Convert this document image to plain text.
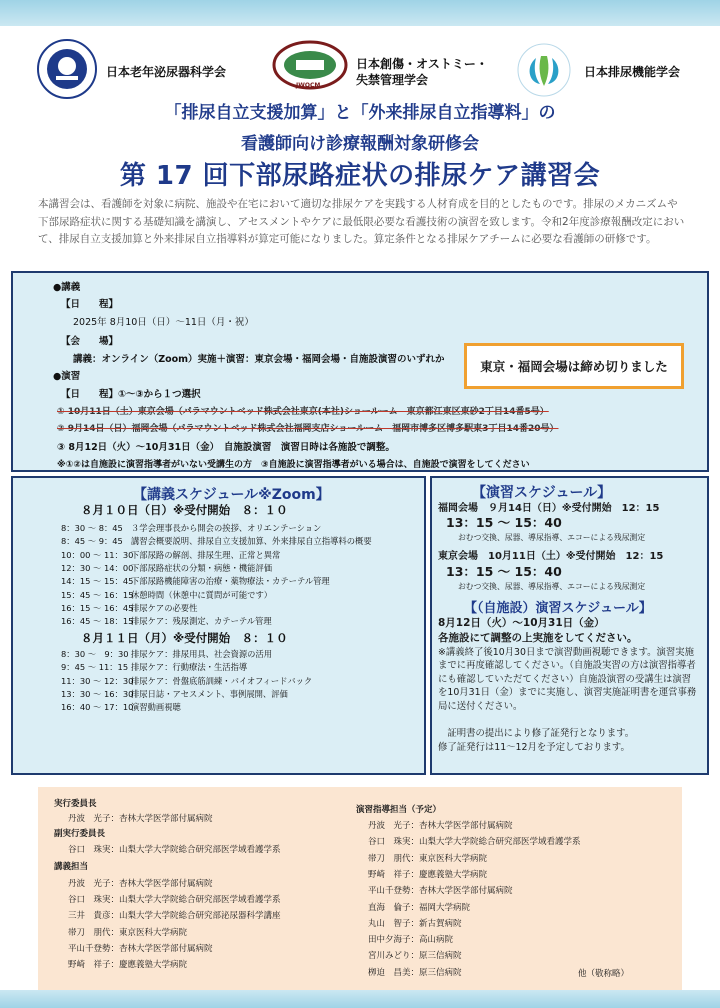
日本老年泌尿器科学会
JWOCM
日本創傷・オストミー・
失禁管理学会
日本排尿機能学会
「排尿自立支援加算」と「外来排尿自立指導料」の
看護師向け診療報酬対象研修会
第 17 回下部尿路症状の排尿ケア講習会
本講習会は、看護師を対象に病院、施設や在宅において適切な排尿ケアを実践する人材育成を目的としたものです。排尿のメカニズムや下部尿路症状に関する基礎知識を講演し、アセスメントやケアに最低限必要な看護技術の演習を致します。令和2年度診療報酬改定において、排尿自立支援加算と外来排尿自立指導料が算定可能になりました。算定条件となる排尿ケアチームに必要な看護師の研修です。
●講義
【日　　程】
2025年 8月10日（日）～11日（月・祝）
【会　　場】
講義：オンライン（Zoom）実施＋演習：東京会場・福岡会場・自施設演習のいずれか
●演習
【日　　程】①～③から１つ選択
① 10月11日（土）東京会場（パラマウントベッド株式会社東京(本社)ショールーム　東京都江東区東砂2丁目14番5号）
② 9月14日（日）福岡会場（パラマウントベッド株式会社福岡支店ショールーム　福岡市博多区博多駅東3丁目14番20号）
③ 8月12日（火）～10月31日（金）　自施設演習　演習日時は各施設で調整。
※①②は自施設に演習指導者がいない受講生の方　③自施設に演習指導者がいる場合は、自施設で演習をしてください
東京・福岡会場は締め切りました
【講義スケジュール※Zoom】
８月１０日（日）※受付開始　８：１０
８月１１日（月）※受付開始　８：１０
8：30 ～ 8：45 ３学会理事長から開会の挨拶、オリエンテーション
8：45 ～ 9：45 講習会概要説明、排尿自立支援加算、外来排尿自立指導料の概要
10：00 ～ 11：30下部尿路の解剖、排尿生理、正常と異常
12：30 ～ 14：00下部尿路症状の分類・病態・機能評価
14：15 ～ 15：45下部尿路機能障害の治療・薬物療法・カテーテル管理
15：45 ～ 16：15休憩時間（休憩中に質問が可能です）
16：15 ～ 16：45排尿ケアの必要性
16：45 ～ 18：15排尿ケア：残尿測定、カテーテル管理
8：30 ～　9：30 排尿ケア：排尿用具、社会資源の活用
9：45 ～ 11：15 排尿ケア：行動療法・生活指導
11：30 ～ 12：30排尿ケア：骨盤底筋訓練・バイオフィードバック
13：30 ～ 16：30排尿日誌・アセスメント、事例展開、評価
16：40 ～ 17：10演習動画視聴
【演習スケジュール】
福岡会場　９月14日（日）※受付開始　12：15
13：15 ～ 15：40
おむつ交換、尿器、導尿指導、エコーによる残尿測定
東京会場　10月11日（土）※受付開始　12：15
13：15 ～ 15：40
おむつ交換、尿器、導尿指導、エコーによる残尿測定
【（自施設）演習スケジュール】
8月12日（火）～10月31日（金）
各施設にて調整の上実施をしてください。
※講義終了後10月30日まで演習動画視聴できます。演習実施までに再度確認してください。（自施設実習の方は演習指導者にも確認していただてください）自施設演習の受講生は演習を10月31日（金）までに実施し、演習実施証明書を運営事務局に送付ください。
　証明書の提出により修了証発行となります。
修了証発行は11～12月を予定しております。
実行委員長
丹波　光子：杏林大学医学部付属病院
副実行委員長
谷口　珠実：山梨大学大学院総合研究部医学域看護学系
講義担当
演習指導担当（予定）
他（敬称略）
丹波　光子：杏林大学医学部付属病院
谷口　珠実：山梨大学大学院総合研究部医学域看護学系
三井　貴彦：山梨大学大学院総合研究部泌尿器科学講座
帯刀　朋代：東京医科大学病院
平山千登勢：杏林大学医学部付属病院
野崎　祥子：慶應義塾大学病院
丹波　光子：杏林大学医学部付属病院
谷口　珠実：山梨大学大学院総合研究部医学域看護学系
帯刀　朋代：東京医科大学病院
野崎　祥子：慶應義塾大学病院
平山千登勢：杏林大学医学部付属病院
直海　倫子：福岡大学病院
丸山　智子：新古賀病院
田中夕海子：高山病院
宮川みどり：原三信病院
栁迫　昌美：原三信病院
